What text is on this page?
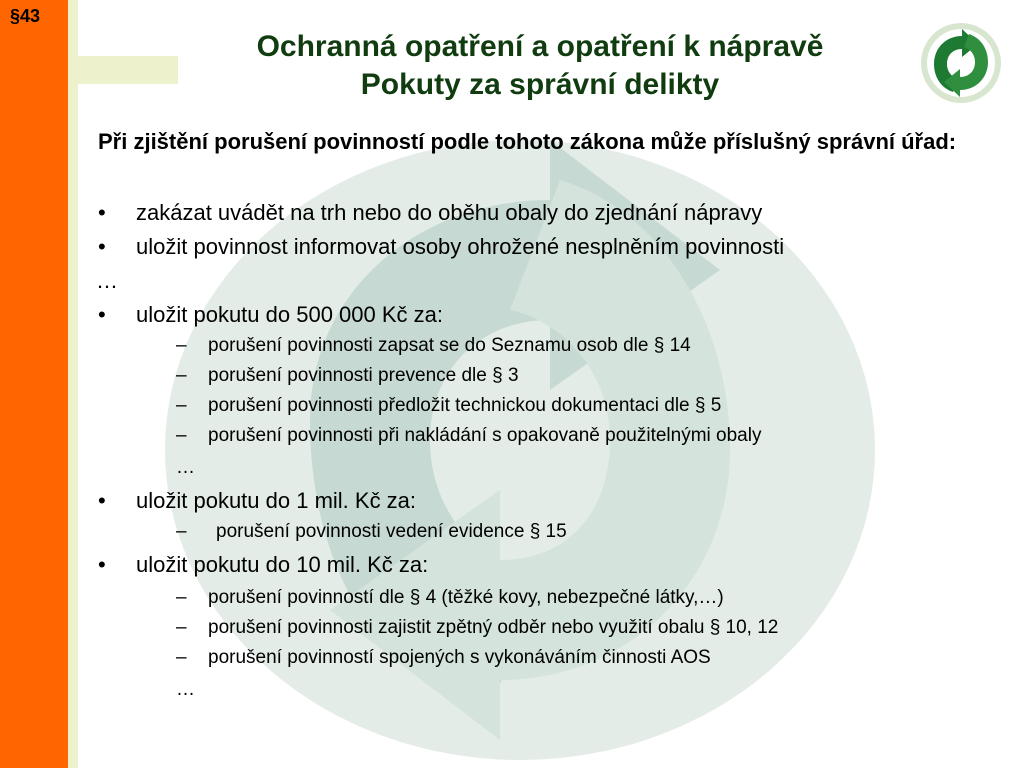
§43
Ochranná opatření a opatření k nápravě
Pokuty za správní delikty
Při zjištění porušení povinností podle tohoto zákona může příslušný správní úřad:
• zakázat uvádět na trh nebo do oběhu obaly do zjednání nápravy
• uložit povinnost informovat osoby ohrožené nesplněním povinnosti
…
• uložit pokutu do 500 000 Kč za:
– porušení povinnosti zapsat se do Seznamu osob dle § 14
– porušení povinnosti prevence dle § 3
– porušení povinnosti předložit technickou dokumentaci dle § 5
– porušení povinnosti při nakládání s opakovaně použitelnými obaly
…
• uložit pokutu do 1 mil. Kč za:
– porušení povinnosti vedení evidence § 15
• uložit pokutu do 10 mil. Kč za:
– porušení povinností dle § 4 (těžké kovy, nebezpečné látky,…)
– porušení povinnosti zajistit zpětný odběr nebo využití obalu § 10, 12
– porušení povinností spojených s vykonáváním činnosti AOS
…
